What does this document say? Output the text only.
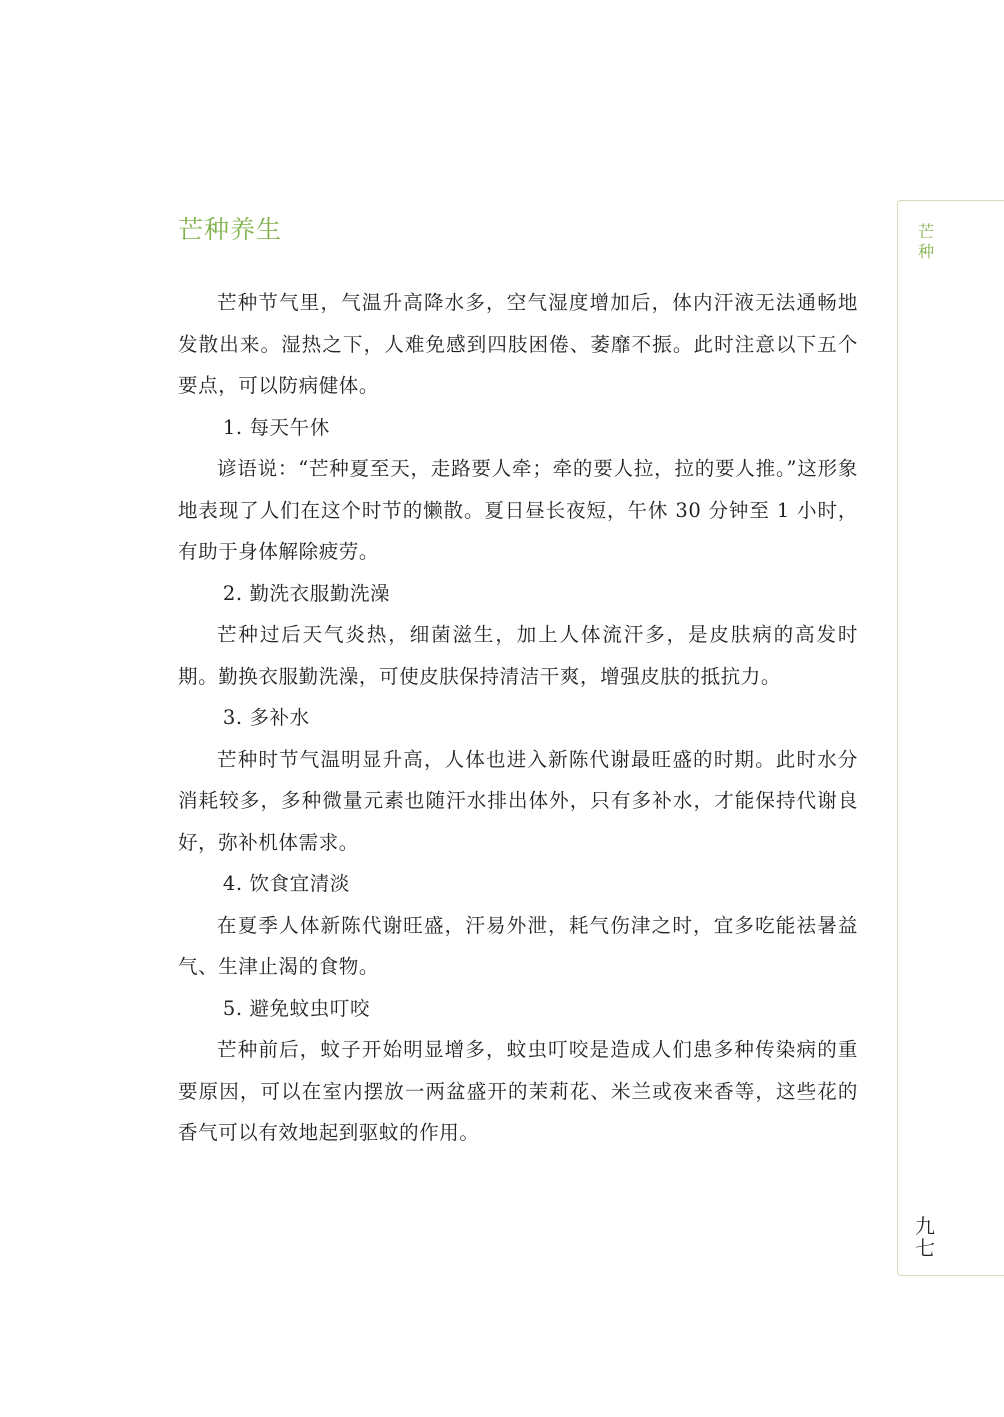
芒种
九七
芒种养生

芒种节气里，气温升高降水多，空气湿度增加后，体内汗液无法通畅地发散出来。湿热之下，人难免感到四肢困倦、萎靡不振。此时注意以下五个要点，可以防病健体。

1. 每天午休

谚语说：“芒种夏至天，走路要人牵；牵的要人拉，拉的要人推。”这形象地表现了人们在这个时节的懒散。夏日昼长夜短，午休 30 分钟至 1 小时，有助于身体解除疲劳。

2. 勤洗衣服勤洗澡

芒种过后天气炎热，细菌滋生，加上人体流汗多，是皮肤病的高发时期。勤换衣服勤洗澡，可使皮肤保持清洁干爽，增强皮肤的抵抗力。

3. 多补水

芒种时节气温明显升高，人体也进入新陈代谢最旺盛的时期。此时水分消耗较多，多种微量元素也随汗水排出体外，只有多补水，才能保持代谢良好，弥补机体需求。

4. 饮食宜清淡

在夏季人体新陈代谢旺盛，汗易外泄，耗气伤津之时，宜多吃能祛暑益气、生津止渴的食物。

5. 避免蚊虫叮咬

芒种前后，蚊子开始明显增多，蚊虫叮咬是造成人们患多种传染病的重要原因，可以在室内摆放一两盆盛开的茉莉花、米兰或夜来香等，这些花的香气可以有效地起到驱蚊的作用。
